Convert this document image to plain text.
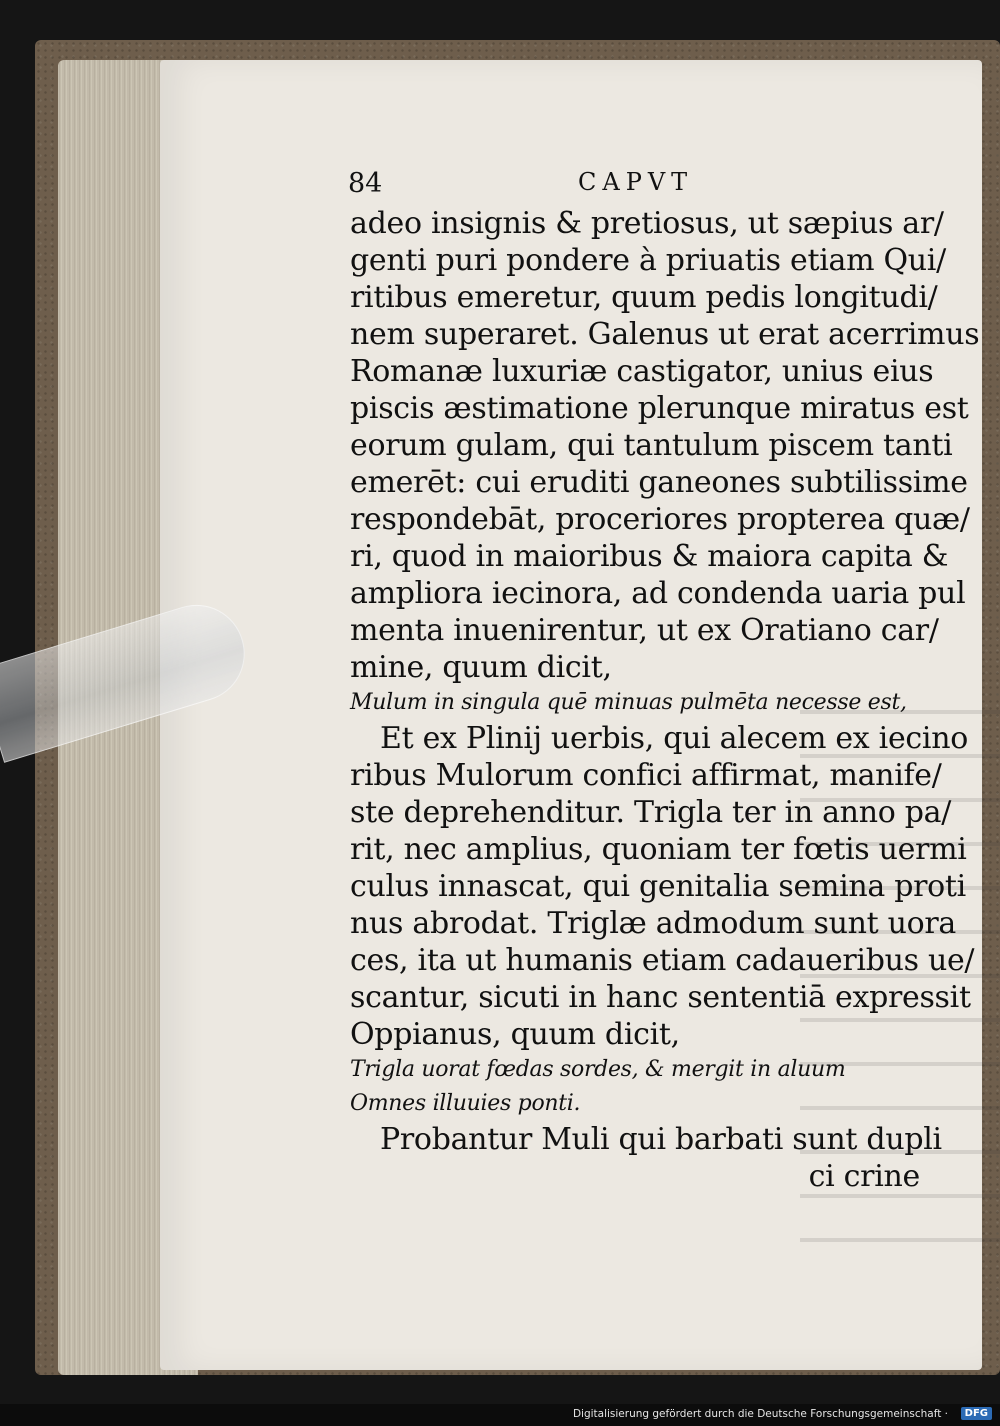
84	CAPVT
adeo insignis & pretiosus, ut sæpius ar/
genti puri pondere à priuatis etiam Qui/
ritibus emeretur, quum pedis longitudi/
nem superaret. Galenus ut erat acerrimus
Romanæ luxuriæ castigator, unius eius
piscis æstimatione plerunque miratus est
eorum gulam, qui tantulum piscem tanti
emerēt: cui eruditi ganeones subtilissime
respondebāt, proceriores propterea quæ/
ri, quod in maioribus & maiora capita &
ampliora iecinora, ad condenda uaria pul
menta inuenirentur, ut ex Oratiano car/
mine, quum dicit,
Mulum in singula quē minuas pulmēta necesse est,
Et ex Plinij uerbis, qui alecem ex iecino
ribus Mulorum confici affirmat, manife/
ste deprehenditur. Trigla ter in anno pa/
rit, nec amplius, quoniam ter fœtis uermi
culus innascat, qui genitalia semina proti
nus abrodat. Triglæ admodum sunt uora
ces, ita ut humanis etiam cadaueribus ue/
scantur, sicuti in hanc sententiā expressit
Oppianus, quum dicit,
Trigla uorat fœdas sordes, & mergit in aluum
Omnes illuuies ponti.
Probantur Muli qui barbati sunt dupli
ci crine
Digitalisierung gefördert durch die Deutsche Forschungsgemeinschaft ·	DFG
